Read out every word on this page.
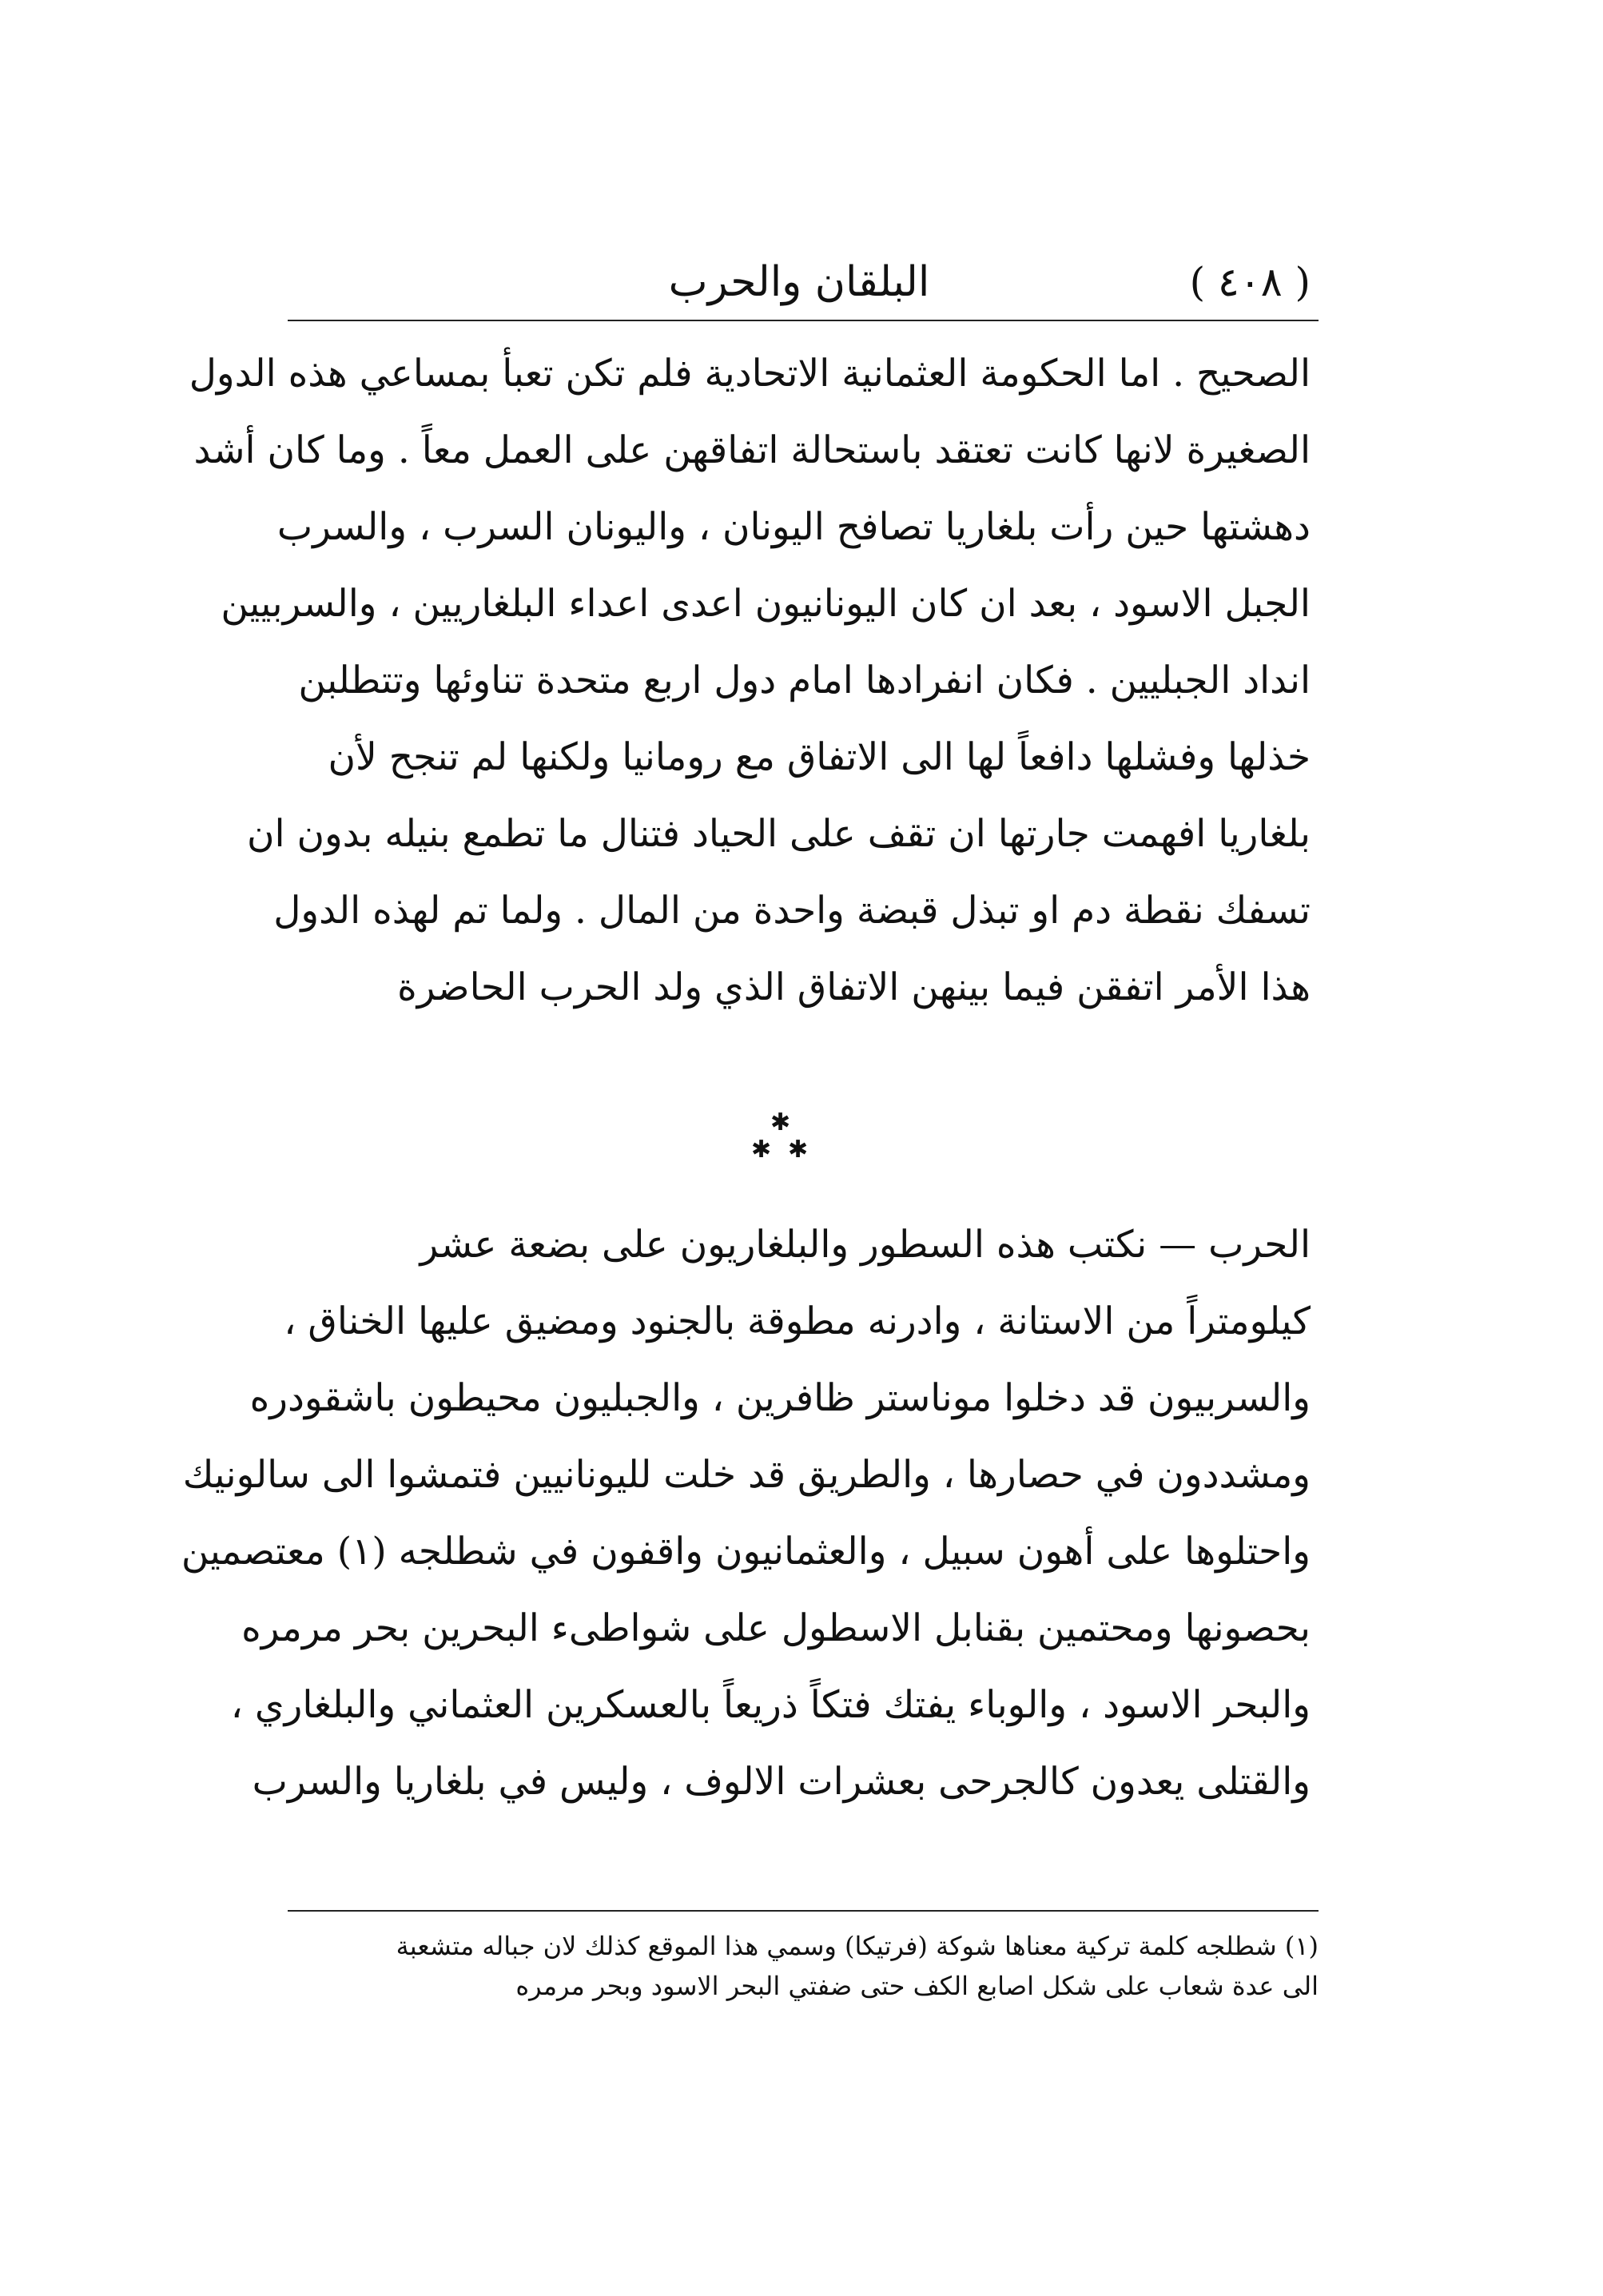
( ٤٠٨ )
البلقان والحرب
الصحيح . اما الحكومة العثمانية الاتحادية فلم تكن تعبأ بمساعي هذه الدول
الصغيرة لانها كانت تعتقد باستحالة اتفاقهن على العمل معاً . وما كان أشد
دهشتها حين رأت بلغاريا تصافح اليونان ، واليونان السرب ، والسرب
الجبل الاسود ، بعد ان كان اليونانيون اعدى اعداء البلغاريين ، والسربيين
انداد الجبليين . فكان انفرادها امام دول اربع متحدة تناوئها وتتطلبن
خذلها وفشلها دافعاً لها الى الاتفاق مع رومانيا ولكنها لم تنجح لأن
بلغاريا افهمت جارتها ان تقف على الحياد فتنال ما تطمع بنيله بدون ان
تسفك نقطة دم او تبذل قبضة واحدة من المال . ولما تم لهذه الدول
هذا الأمر اتفقن فيما بينهن الاتفاق الذي ولد الحرب الحاضرة
✱
✱ ✱
الحرب — نكتب هذه السطور والبلغاريون على بضعة عشر
كيلومتراً من الاستانة ، وادرنه مطوقة بالجنود ومضيق عليها الخناق ،
والسربيون قد دخلوا موناستر ظافرين ، والجبليون محيطون باشقودره
ومشددون في حصارها ، والطريق قد خلت لليونانيين فتمشوا الى سالونيك
واحتلوها على أهون سبيل ، والعثمانيون واقفون في شطلجه (١) معتصمين
بحصونها ومحتمين بقنابل الاسطول على شواطىء البحرين بحر مرمره
والبحر الاسود ، والوباء يفتك فتكاً ذريعاً بالعسكرين العثماني والبلغاري ،
والقتلى يعدون كالجرحى بعشرات الالوف ، وليس في بلغاريا والسرب
(١) شطلجه كلمة تركية معناها شوكة (فرتيكا) وسمي هذا الموقع كذلك لان جباله متشعبة
الى عدة شعاب على شكل اصابع الكف حتى ضفتي البحر الاسود وبحر مرمره
